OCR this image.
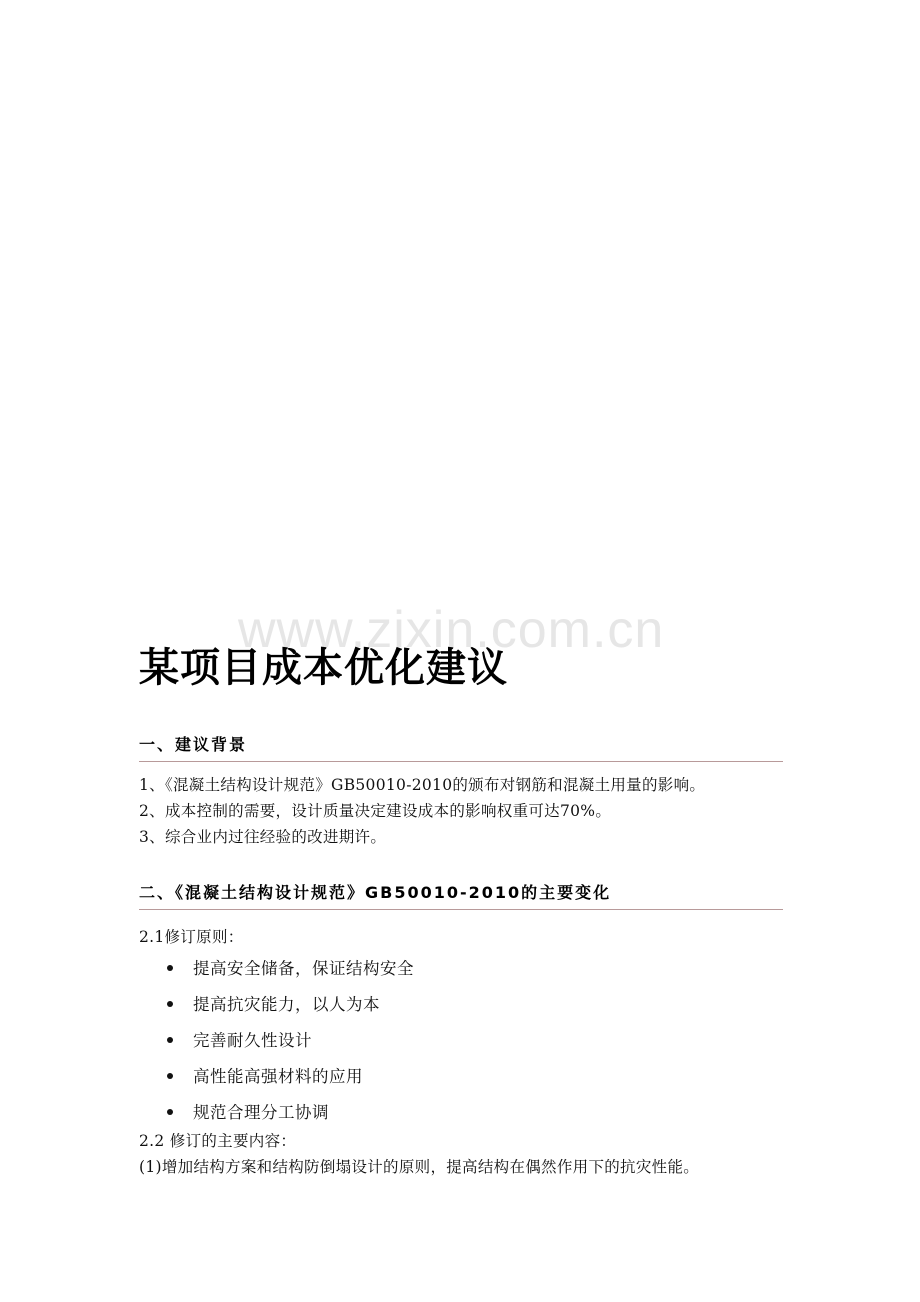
www.zixin.com.cn
某项目成本优化建议
一、建议背景
1、《混凝土结构设计规范》GB50010-2010的颁布对钢筋和混凝土用量的影响。
2、成本控制的需要，设计质量决定建设成本的影响权重可达70%。
3、综合业内过往经验的改进期许。
二、《混凝土结构设计规范》GB50010-2010的主要变化
2.1修订原则：
提高安全储备，保证结构安全
提高抗灾能力，以人为本
完善耐久性设计
高性能高强材料的应用
规范合理分工协调
2.2 修订的主要内容：
(1)增加结构方案和结构防倒塌设计的原则，提高结构在偶然作用下的抗灾性能。
